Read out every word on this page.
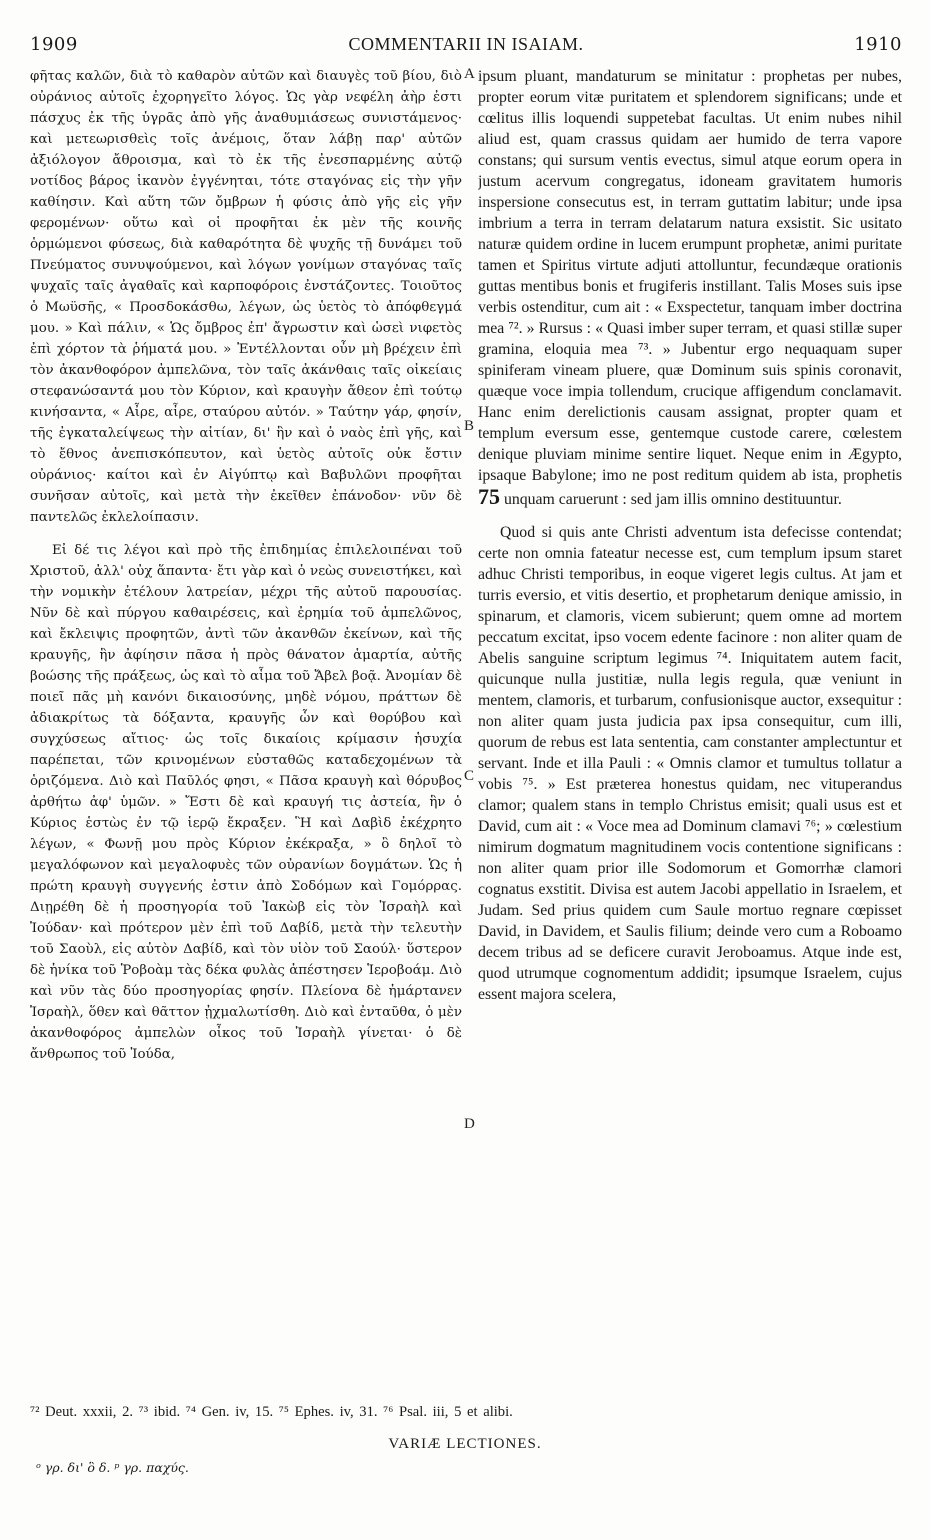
1909	COMMENTARII IN ISAIAM.	1910

φῆτας καλῶν, διὰ τὸ καθαρὸν αὐτῶν καὶ διαυγὲς τοῦ βίου, διὸ οὐράνιος αὐτοῖς ἐχορηγεῖτο λόγος. Ὡς γὰρ νεφέλη ἀὴρ ἐστι πάσχυς ἐκ τῆς ὑγρᾶς ἀπὸ γῆς ἀναθυμιάσεως συνιστάμενος· καὶ μετεωρισθεὶς τοῖς ἀνέμοις, ὅταν λάβῃ παρ' αὐτῶν ἀξιόλογον ἄθροισμα, καὶ τὸ ἐκ τῆς ἐνεσπαρμένης αὐτῷ νοτίδος βάρος ἱκανὸν ἐγγένηται, τότε σταγόνας εἰς τὴν γῆν καθίησιν. Καὶ αὕτη τῶν ὄμβρων ἡ φύσις ἀπὸ γῆς εἰς γῆν φερομένων· οὕτω καὶ οἱ προφῆται ἐκ μὲν τῆς κοινῆς ὁρμώμενοι φύσεως, διὰ καθαρότητα δὲ ψυχῆς τῇ δυνάμει τοῦ Πνεύματος συνυψούμενοι, καὶ λόγων γονίμων σταγόνας ταῖς ψυχαῖς ταῖς ἀγαθαῖς καὶ καρποφόροις ἐνστάζοντες. Τοιοῦτος ὁ Μωϋσῆς, « Προσδοκάσθω, λέγων, ὡς ὑετὸς τὸ ἀπόφθεγμά μου. » Καὶ πάλιν, « Ὡς ὄμβρος ἐπ' ἄγρωστιν καὶ ὡσεὶ νιφετὸς ἐπὶ χόρτον τὰ ῥήματά μου. » Ἐντέλλονται οὖν μὴ βρέχειν ἐπὶ τὸν ἀκανθοφόρον ἀμπελῶνα, τὸν ταῖς ἀκάνθαις ταῖς οἰκείαις στεφανώσαντά μου τὸν Κύριον, καὶ κραυγὴν ἄθεον ἐπὶ τούτῳ κινήσαντα, « Αἶρε, αἶρε, σταύρου αὐτόν. » Ταύτην γάρ, φησίν, τῆς ἐγκαταλείψεως τὴν αἰτίαν, δι' ἣν καὶ ὁ ναὸς ἐπὶ γῆς, καὶ τὸ ἔθνος ἀνεπισκόπευτον, καὶ ὑετὸς αὐτοῖς οὐκ ἔστιν οὐράνιος· καίτοι καὶ ἐν Αἰγύπτῳ καὶ Βαβυλῶνι προφῆται συνῆσαν αὐτοῖς, καὶ μετὰ τὴν ἐκεῖθεν ἐπάνοδον· νῦν δὲ παντελῶς ἐκλελοίπασιν.

Εἰ δέ τις λέγοι καὶ πρὸ τῆς ἐπιδημίας ἐπιλελοιπέναι τοῦ Χριστοῦ, ἀλλ' οὐχ ἅπαντα· ἔτι γὰρ καὶ ὁ νεὼς συνειστήκει, καὶ τὴν νομικὴν ἐτέλουν λατρείαν, μέχρι τῆς αὐτοῦ παρουσίας. Νῦν δὲ καὶ πύργου καθαιρέσεις, καὶ ἐρημία τοῦ ἀμπελῶνος, καὶ ἔκλειψις προφητῶν, ἀντὶ τῶν ἀκανθῶν ἐκείνων, καὶ τῆς κραυγῆς, ἣν ἀφίησιν πᾶσα ἡ πρὸς θάνατον ἁμαρτία, αὐτῆς βοώσης τῆς πράξεως, ὡς καὶ τὸ αἷμα τοῦ Ἄβελ βοᾷ. Ἀνομίαν δὲ ποιεῖ πᾶς μὴ κανόνι δικαιοσύνης, μηδὲ νόμου, πράττων δὲ ἀδιακρίτως τὰ δόξαντα, κραυγῆς ὧν καὶ θορύβου καὶ συγχύσεως αἴτιος· ὡς τοῖς δικαίοις κρίμασιν ἡσυχία παρέπεται, τῶν κρινομένων εὐσταθῶς καταδεχομένων τὰ ὁριζόμενα. Διὸ καὶ Παῦλός φησι, « Πᾶσα κραυγὴ καὶ θόρυβος ἀρθήτω ἀφ' ὑμῶν. » Ἔστι δὲ καὶ κραυγή τις ἀστεία, ἣν ὁ Κύριος ἑστὼς ἐν τῷ ἱερῷ ἔκραξεν. Ἣ καὶ Δαβὶδ ἐκέχρητο λέγων, « Φωνῇ μου πρὸς Κύριον ἐκέκραξα, » ὃ δηλοῖ τὸ μεγαλόφωνον καὶ μεγαλοφυὲς τῶν οὐρανίων δογμάτων. Ὡς ἡ πρώτη κραυγὴ συγγενής ἐστιν ἀπὸ Σοδόμων καὶ Γομόρρας. Διῃρέθη δὲ ἡ προσηγορία τοῦ Ἰακὼβ εἰς τὸν Ἰσραὴλ καὶ Ἰούδαν· καὶ πρότερον μὲν ἐπὶ τοῦ Δαβίδ, μετὰ τὴν τελευτὴν τοῦ Σαοὺλ, εἰς αὐτὸν Δαβίδ, καὶ τὸν υἱὸν τοῦ Σαούλ· ὕστερον δὲ ἡνίκα τοῦ Ῥοβοὰμ τὰς δέκα φυλὰς ἀπέστησεν Ἱεροβοάμ. Διὸ καὶ νῦν τὰς δύο προσηγορίας φησίν. Πλείονα δὲ ἡμάρτανεν Ἰσραὴλ, ὅθεν καὶ θᾶττον ᾐχμαλωτίσθη. Διὸ καὶ ἐνταῦθα, ὁ μὲν ἀκανθοφόρος ἀμπελὼν οἶκος τοῦ Ἰσραὴλ γίνεται· ὁ δὲ ἄνθρωπος τοῦ Ἰούδα,

A
B
C
D

ipsum pluant, mandaturum se minitatur : prophetas per nubes, propter eorum vitæ puritatem et splendorem significans; unde et cœlitus illis loquendi suppetebat facultas. Ut enim nubes nihil aliud est, quam crassus quidam aer humido de terra vapore constans; qui sursum ventis evectus, simul atque eorum opera in justum acervum congregatus, idoneam gravitatem humoris inspersione consecutus est, in terram guttatim labitur; unde ipsa imbrium a terra in terram delatarum natura exsistit. Sic usitato naturæ quidem ordine in lucem erumpunt prophetæ, animi puritate tamen et Spiritus virtute adjuti attolluntur, fecundæque orationis guttas mentibus bonis et frugiferis instillant. Talis Moses suis ipse verbis ostenditur, cum ait : « Exspectetur, tanquam imber doctrina mea ⁷². » Rursus : « Quasi imber super terram, et quasi stillæ super gramina, eloquia mea ⁷³. » Jubentur ergo nequaquam super spiniferam vineam pluere, quæ Dominum suis spinis coronavit, quæque voce impia tollendum, crucique affigendum conclamavit. Hanc enim derelictionis causam assignat, propter quam et templum eversum esse, gentemque custode carere, cœlestem denique pluviam minime sentire liquet. Neque enim in Ægypto, ipsaque Babylone; imo ne post reditum quidem ab ista, prophetis 75 unquam caruerunt : sed jam illis omnino destituuntur.

Quod si quis ante Christi adventum ista defecisse contendat; certe non omnia fateatur necesse est, cum templum ipsum staret adhuc Christi temporibus, in eoque vigeret legis cultus. At jam et turris eversio, et vitis desertio, et prophetarum denique amissio, in spinarum, et clamoris, vicem subierunt; quem omne ad mortem peccatum excitat, ipso vocem edente facinore : non aliter quam de Abelis sanguine scriptum legimus ⁷⁴. Iniquitatem autem facit, quicunque nulla justitiæ, nulla legis regula, quæ veniunt in mentem, clamoris, et turbarum, confusionisque auctor, exsequitur : non aliter quam justa judicia pax ipsa consequitur, cum illi, quorum de rebus est lata sententia, cam constanter amplectuntur et servant. Inde et illa Pauli : « Omnis clamor et tumultus tollatur a vobis ⁷⁵. » Est præterea honestus quidam, nec vituperandus clamor; qualem stans in templo Christus emisit; quali usus est et David, cum ait : « Voce mea ad Dominum clamavi ⁷⁶; » cœlestium nimirum dogmatum magnitudinem vocis contentione significans : non aliter quam prior ille Sodomorum et Gomorrhæ clamori cognatus exstitit. Divisa est autem Jacobi appellatio in Israelem, et Judam. Sed prius quidem cum Saule mortuo regnare cœpisset David, in Davidem, et Saulis filium; deinde vero cum a Roboamo decem tribus ad se deficere curavit Jeroboamus. Atque inde est, quod utrumque cognomentum addidit; ipsumque Israelem, cujus essent majora scelera,

⁷² Deut. xxxii, 2. ⁷³ ibid. ⁷⁴ Gen. iv, 15. ⁷⁵ Ephes. iv, 31. ⁷⁶ Psal. iii, 5 et alibi.
VARIÆ LECTIONES.
ᵒ γρ. δι' ὃ δ. ᵖ γρ. παχύς.
